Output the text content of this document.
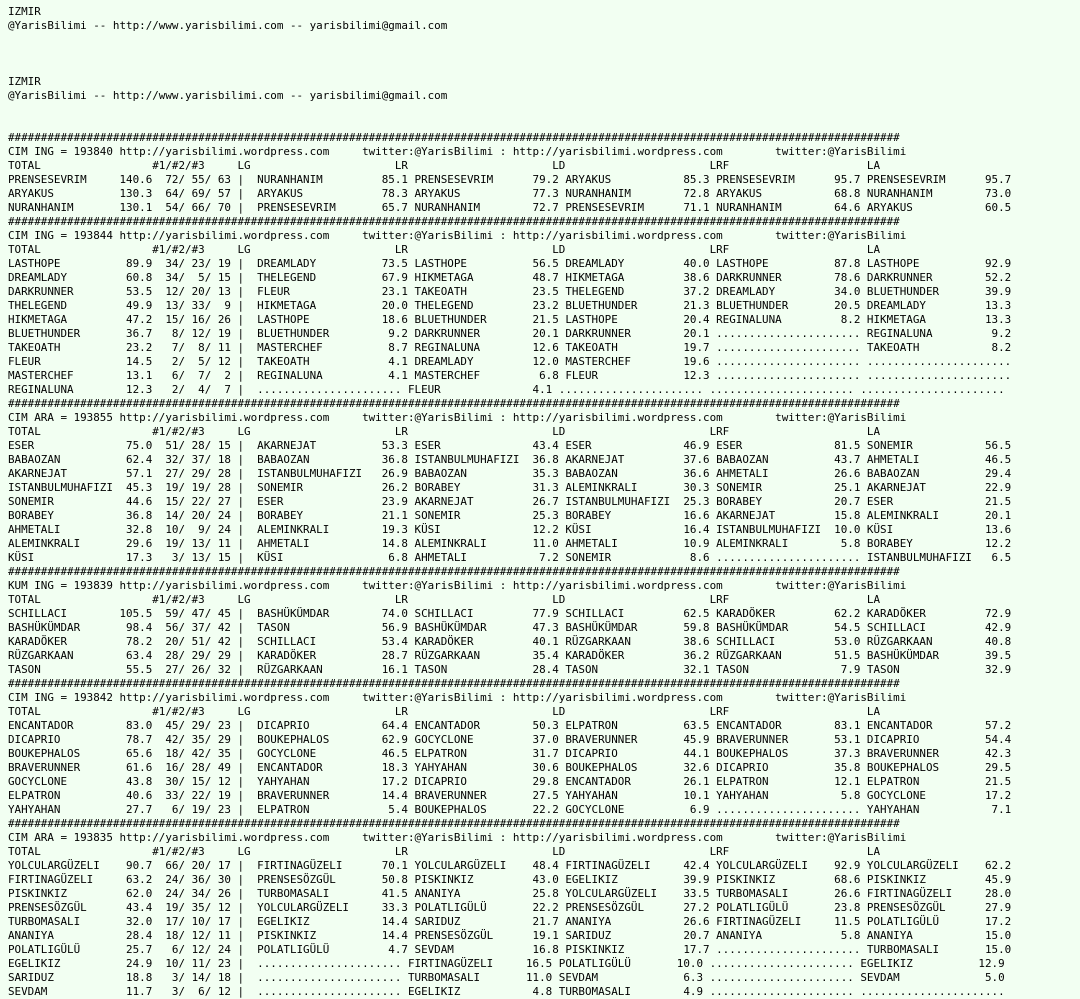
IZMIR
@YarisBilimi -- http://www.yarisbilimi.com -- yarisbilimi@gmail.com

IZMIR
@YarisBilimi -- http://www.yarisbilimi.com -- yarisbilimi@gmail.com

########################################################################################################################################
CIM ING = 193840 http://yarisbilimi.wordpress.com     twitter:@YarisBilimi : http://yarisbilimi.wordpress.com        twitter:@YarisBilimi
TOTAL                 #1/#2/#3     LG                      LR                      LD                      LRF                     LA
PRENSESEVRIM     140.6  72/ 55/ 63 |  NURANHANIM         85.1 PRENSESEVRIM      79.2 ARYAKUS           85.3 PRENSESEVRIM      95.7 PRENSESEVRIM      95.7
ARYAKUS          130.3  64/ 69/ 57 |  ARYAKUS            78.3 ARYAKUS           77.3 NURANHANIM        72.8 ARYAKUS           68.8 NURANHANIM        73.0
NURANHANIM       130.1  54/ 66/ 70 |  PRENSESEVRIM       65.7 NURANHANIM        72.7 PRENSESEVRIM      71.1 NURANHANIM        64.6 ARYAKUS           60.5
########################################################################################################################################
CIM ING = 193844 http://yarisbilimi.wordpress.com     twitter:@YarisBilimi : http://yarisbilimi.wordpress.com        twitter:@YarisBilimi
TOTAL                 #1/#2/#3     LG                      LR                      LD                      LRF                     LA
LASTHOPE          89.9  34/ 23/ 19 |  DREAMLADY          73.5 LASTHOPE          56.5 DREAMLADY         40.0 LASTHOPE          87.8 LASTHOPE          92.9
DREAMLADY         60.8  34/  5/ 15 |  THELEGEND          67.9 HIKMETAGA         48.7 HIKMETAGA         38.6 DARKRUNNER        78.6 DARKRUNNER        52.2
DARKRUNNER        53.5  12/ 20/ 13 |  FLEUR              23.1 TAKEOATH          23.5 THELEGEND         37.2 DREAMLADY         34.0 BLUETHUNDER       39.9
THELEGEND         49.9  13/ 33/  9 |  HIKMETAGA          20.0 THELEGEND         23.2 BLUETHUNDER       21.3 BLUETHUNDER       20.5 DREAMLADY         13.3
HIKMETAGA         47.2  15/ 16/ 26 |  LASTHOPE           18.6 BLUETHUNDER       21.5 LASTHOPE          20.4 REGINALUNA         8.2 HIKMETAGA         13.3
BLUETHUNDER       36.7   8/ 12/ 19 |  BLUETHUNDER         9.2 DARKRUNNER        20.1 DARKRUNNER        20.1 ...................... REGINALUNA         9.2
TAKEOATH          23.2   7/  8/ 11 |  MASTERCHEF          8.7 REGINALUNA        12.6 TAKEOATH          19.7 ...................... TAKEOATH           8.2
FLEUR             14.5   2/  5/ 12 |  TAKEOATH            4.1 DREAMLADY         12.0 MASTERCHEF        19.6 ...................... ......................
MASTERCHEF        13.1   6/  7/  2 |  REGINALUNA          4.1 MASTERCHEF         6.8 FLEUR             12.3 ...................... ......................
REGINALUNA        12.3   2/  4/  7 |  ...................... FLEUR              4.1 ...................... ...................... ......................
########################################################################################################################################
CIM ARA = 193855 http://yarisbilimi.wordpress.com     twitter:@YarisBilimi : http://yarisbilimi.wordpress.com        twitter:@YarisBilimi
TOTAL                 #1/#2/#3     LG                      LR                      LD                      LRF                     LA
ESER              75.0  51/ 28/ 15 |  AKARNEJAT          53.3 ESER              43.4 ESER              46.9 ESER              81.5 SONEMIR           56.5
BABAOZAN          62.4  32/ 37/ 18 |  BABAOZAN           36.8 ISTANBULMUHAFIZI  36.8 AKARNEJAT         37.6 BABAOZAN          43.7 AHMETALI          46.5
AKARNEJAT         57.1  27/ 29/ 28 |  ISTANBULMUHAFIZI   26.9 BABAOZAN          35.3 BABAOZAN          36.6 AHMETALI          26.6 BABAOZAN          29.4
ISTANBULMUHAFIZI  45.3  19/ 19/ 28 |  SONEMIR            26.2 BORABEY           31.3 ALEMINKRALI       30.3 SONEMIR           25.1 AKARNEJAT         22.9
SONEMIR           44.6  15/ 22/ 27 |  ESER               23.9 AKARNEJAT         26.7 ISTANBULMUHAFIZI  25.3 BORABEY           20.7 ESER              21.5
BORABEY           36.8  14/ 20/ 24 |  BORABEY            21.1 SONEMIR           25.3 BORABEY           16.6 AKARNEJAT         15.8 ALEMINKRALI       20.1
AHMETALI          32.8  10/  9/ 24 |  ALEMINKRALI        19.3 KÜSI              12.2 KÜSI              16.4 ISTANBULMUHAFIZI  10.0 KÜSI              13.6
ALEMINKRALI       29.6  19/ 13/ 11 |  AHMETALI           14.8 ALEMINKRALI       11.0 AHMETALI          10.9 ALEMINKRALI        5.8 BORABEY           12.2
KÜSI              17.3   3/ 13/ 15 |  KÜSI                6.8 AHMETALI           7.2 SONEMIR            8.6 ...................... ISTANBULMUHAFIZI   6.5
########################################################################################################################################
KUM ING = 193839 http://yarisbilimi.wordpress.com     twitter:@YarisBilimi : http://yarisbilimi.wordpress.com        twitter:@YarisBilimi
TOTAL                 #1/#2/#3     LG                      LR                      LD                      LRF                     LA
SCHILLACI        105.5  59/ 47/ 45 |  BASHÜKÜMDAR        74.0 SCHILLACI         77.9 SCHILLACI         62.5 KARADÖKER         62.2 KARADÖKER         72.9
BASHÜKÜMDAR       98.4  56/ 37/ 42 |  TASON              56.9 BASHÜKÜMDAR       47.3 BASHÜKÜMDAR       59.8 BASHÜKÜMDAR       54.5 SCHILLACI         42.9
KARADÖKER         78.2  20/ 51/ 42 |  SCHILLACI          53.4 KARADÖKER         40.1 RÜZGARKAAN        38.6 SCHILLACI         53.0 RÜZGARKAAN        40.8
RÜZGARKAAN        63.4  28/ 29/ 29 |  KARADÖKER          28.7 RÜZGARKAAN        35.4 KARADÖKER         36.2 RÜZGARKAAN        51.5 BASHÜKÜMDAR       39.5
TASON             55.5  27/ 26/ 32 |  RÜZGARKAAN         16.1 TASON             28.4 TASON             32.1 TASON              7.9 TASON             32.9
########################################################################################################################################
CIM ING = 193842 http://yarisbilimi.wordpress.com     twitter:@YarisBilimi : http://yarisbilimi.wordpress.com        twitter:@YarisBilimi
TOTAL                 #1/#2/#3     LG                      LR                      LD                      LRF                     LA
ENCANTADOR        83.0  45/ 29/ 23 |  DICAPRIO           64.4 ENCANTADOR        50.3 ELPATRON          63.5 ENCANTADOR        83.1 ENCANTADOR        57.2
DICAPRIO          78.7  42/ 35/ 29 |  BOUKEPHALOS        62.9 GOCYCLONE         37.0 BRAVERUNNER       45.9 BRAVERUNNER       53.1 DICAPRIO          54.4
BOUKEPHALOS       65.6  18/ 42/ 35 |  GOCYCLONE          46.5 ELPATRON          31.7 DICAPRIO          44.1 BOUKEPHALOS       37.3 BRAVERUNNER       42.3
BRAVERUNNER       61.6  16/ 28/ 49 |  ENCANTADOR         18.3 YAHYAHAN          30.6 BOUKEPHALOS       32.6 DICAPRIO          35.8 BOUKEPHALOS       29.5
GOCYCLONE         43.8  30/ 15/ 12 |  YAHYAHAN           17.2 DICAPRIO          29.8 ENCANTADOR        26.1 ELPATRON          12.1 ELPATRON          21.5
ELPATRON          40.6  33/ 22/ 19 |  BRAVERUNNER        14.4 BRAVERUNNER       27.5 YAHYAHAN          10.1 YAHYAHAN           5.8 GOCYCLONE         17.2
YAHYAHAN          27.7   6/ 19/ 23 |  ELPATRON            5.4 BOUKEPHALOS       22.2 GOCYCLONE          6.9 ...................... YAHYAHAN           7.1
########################################################################################################################################
CIM ARA = 193835 http://yarisbilimi.wordpress.com     twitter:@YarisBilimi : http://yarisbilimi.wordpress.com        twitter:@YarisBilimi
TOTAL                 #1/#2/#3     LG                      LR                      LD                      LRF                     LA
YOLCULARGÜZELI    90.7  66/ 20/ 17 |  FIRTINAGÜZELI      70.1 YOLCULARGÜZELI    48.4 FIRTINAGÜZELI     42.4 YOLCULARGÜZELI    92.9 YOLCULARGÜZELI    62.2
FIRTINAGÜZELI     63.2  24/ 36/ 30 |  PRENSESÖZGÜL       50.8 PISKINKIZ         43.0 EGELIKIZ          39.9 PISKINKIZ         68.6 PISKINKIZ         45.9
PISKINKIZ         62.0  24/ 34/ 26 |  TURBOMASALI        41.5 ANANIYA           25.8 YOLCULARGÜZELI    33.5 TURBOMASALI       26.6 FIRTINAGÜZELI     28.0
PRENSESÖZGÜL      43.4  19/ 35/ 12 |  YOLCULARGÜZELI     33.3 POLATLIGÜLÜ       22.2 PRENSESÖZGÜL      27.2 POLATLIGÜLÜ       23.8 PRENSESÖZGÜL      27.9
TURBOMASALI       32.0  17/ 10/ 17 |  EGELIKIZ           14.4 SARIDUZ           21.7 ANANIYA           26.6 FIRTINAGÜZELI     11.5 POLATLIGÜLÜ       17.2
ANANIYA           28.4  18/ 12/ 11 |  PISKINKIZ          14.4 PRENSESÖZGÜL      19.1 SARIDUZ           20.7 ANANIYA            5.8 ANANIYA           15.0
POLATLIGÜLÜ       25.7   6/ 12/ 24 |  POLATLIGÜLÜ         4.7 SEVDAM            16.8 PISKINKIZ         17.7 ...................... TURBOMASALI       15.0
EGELIKIZ          24.9  10/ 11/ 23 |  ...................... FIRTINAGÜZELI     16.5 POLATLIGÜLÜ       10.0 ...................... EGELIKIZ          12.9
SARIDUZ           18.8   3/ 14/ 18 |  ...................... TURBOMASALI       11.0 SEVDAM             6.3 ...................... SEVDAM             5.0
SEVDAM            11.7   3/  6/ 12 |  ...................... EGELIKIZ           4.8 TURBOMASALI        4.9 ...................... ......................
